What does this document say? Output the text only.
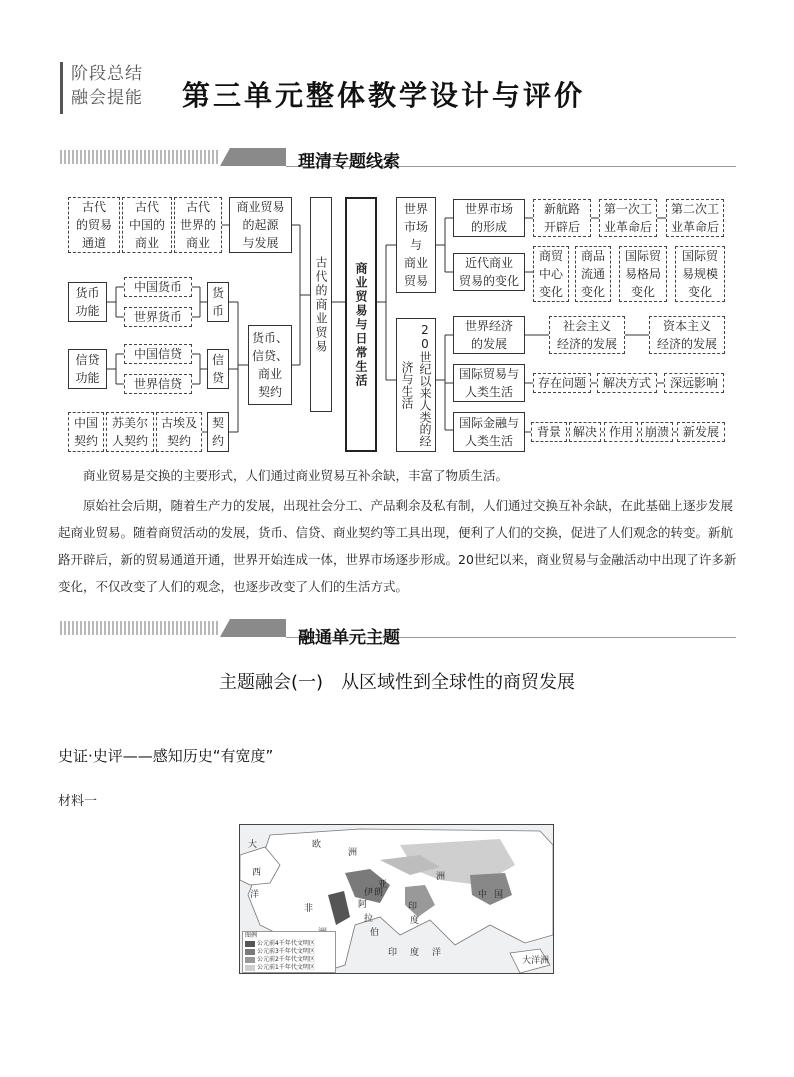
阶段总结
融会提能	第三单元整体教学设计与评价
理清专题线索
古代
的贸易
通道
古代
中国的
商业
古代
世界的
商业
商业贸易
的起源
与发展
货币
功能
中国货币
世界货币
货币
信贷
功能
中国信贷
世界信贷
信贷
货币、
信贷、
商业
契约
中国
契约
苏美尔
人契约
古埃及
契约
契约
古代的商业贸易	商业贸易与日常生活
世界
市场
与
商业
贸易
世界市场
的形成
新航路
开辟后
第一次工
业革命后
第二次工
业革命后
近代商业
贸易的变化
商贸
中心
变化
商品
流通
变化
国际贸
易格局
变化
国际贸
易规模
变化
20世纪以来人类的经济与生活
世界经济
的发展
社会主义
经济的发展
资本主义
经济的发展
国际贸易与
人类生活
存在问题	解决方式	深远影响
国际金融与
人类生活
背景 解决 作用 崩溃	新发展
商业贸易是交换的主要形式，人们通过商业贸易互补余缺，丰富了物质生活。
原始社会后期，随着生产力的发展，出现社会分工、产品剩余及私有制，人们通过交换互补余缺，在此基础上逐步发展起商业贸易。随着商贸活动的发展，货币、信贷、商业契约等工具出现，便利了人们的交换，促进了人们观念的转变。新航路开辟后，新的贸易通道开通，世界开始连成一体，世界市场逐步形成。20世纪以来，商业贸易与金融活动中出现了许多新变化，不仅改变了人们的观念，也逐步改变了人们的生活方式。
融通单元主题
主题融会(一)　从区域性到全球性的商贸发展
史证·史评——感知历史“有宽度”
材料一
大
西
洋
欧
洲
亚
洲
非
伊 朗
印
度
中 国
印 度 洋
大洋洲
阿
拉
伯
图例
公元前4千年代文明区
公元前3千年代文明区
公元前2千年代文明区
公元前1千年代文明区
